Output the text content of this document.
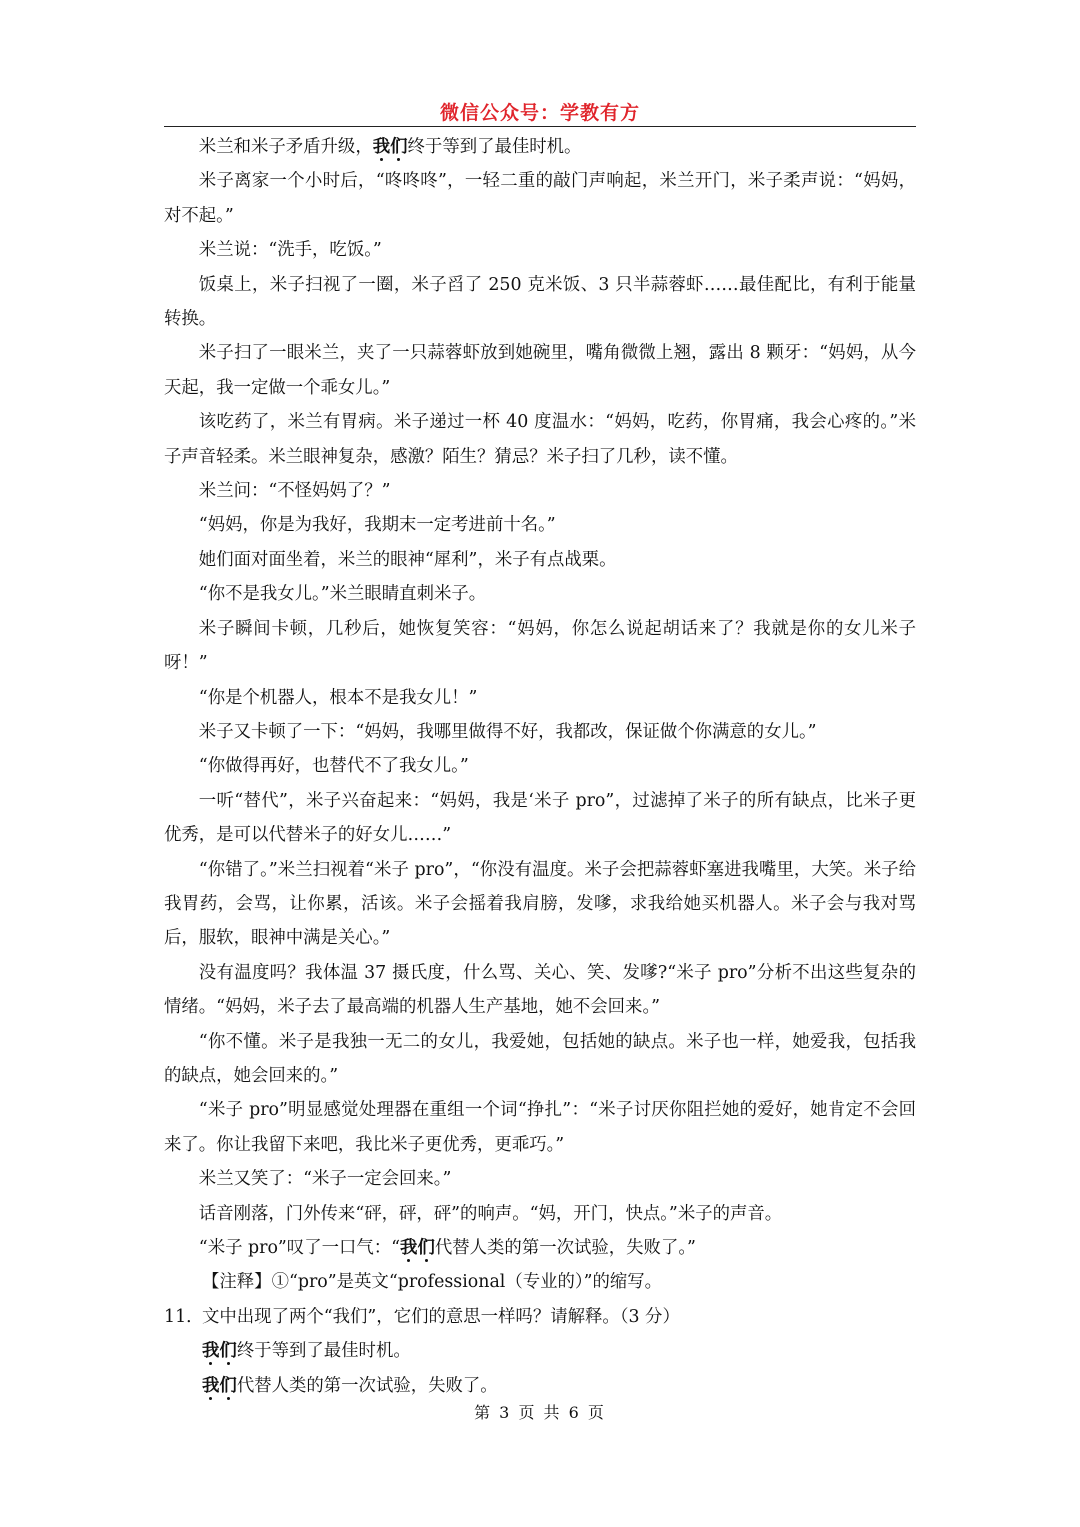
微信公众号：学教有方

米兰和米子矛盾升级，我们终于等到了最佳时机。

米子离家一个小时后，“咚咚咚”，一轻二重的敲门声响起，米兰开门，米子柔声说：“妈妈，对不起。”

米兰说：“洗手，吃饭。”

饭桌上，米子扫视了一圈，米子舀了 250 克米饭、3 只半蒜蓉虾……最佳配比，有利于能量转换。

米子扫了一眼米兰，夹了一只蒜蓉虾放到她碗里，嘴角微微上翘，露出 8 颗牙：“妈妈，从今天起，我一定做一个乖女儿。”

该吃药了，米兰有胃病。米子递过一杯 40 度温水：“妈妈，吃药，你胃痛，我会心疼的。”米子声音轻柔。米兰眼神复杂，感激？陌生？猜忌？米子扫了几秒，读不懂。

米兰问：“不怪妈妈了？”

“妈妈，你是为我好，我期末一定考进前十名。”

她们面对面坐着，米兰的眼神“犀利”，米子有点战栗。

“你不是我女儿。”米兰眼睛直刺米子。

米子瞬间卡顿，几秒后，她恢复笑容：“妈妈，你怎么说起胡话来了？我就是你的女儿米子呀！”

“你是个机器人，根本不是我女儿！”

米子又卡顿了一下：“妈妈，我哪里做得不好，我都改，保证做个你满意的女儿。”

“你做得再好，也替代不了我女儿。”

一听“替代”，米子兴奋起来：“妈妈，我是‘米子 pro”，过滤掉了米子的所有缺点，比米子更优秀，是可以代替米子的好女儿……”

“你错了。”米兰扫视着“米子 pro”，“你没有温度。米子会把蒜蓉虾塞进我嘴里，大笑。米子给我胃药，会骂，让你累，活该。米子会摇着我肩膀，发嗲，求我给她买机器人。米子会与我对骂后，服软，眼神中满是关心。”

没有温度吗？我体温 37 摄氏度，什么骂、关心、笑、发嗲?“米子 pro”分析不出这些复杂的情绪。“妈妈，米子去了最高端的机器人生产基地，她不会回来。”

“你不懂。米子是我独一无二的女儿，我爱她，包括她的缺点。米子也一样，她爱我，包括我的缺点，她会回来的。”

“米子 pro”明显感觉处理器在重组一个词“挣扎”：“米子讨厌你阻拦她的爱好，她肯定不会回来了。你让我留下来吧，我比米子更优秀，更乖巧。”

米兰又笑了：“米子一定会回来。”

话音刚落，门外传来“砰，砰，砰”的响声。“妈，开门，快点。”米子的声音。

“米子 pro”叹了一口气：“我们代替人类的第一次试验，失败了。”

【注释】①“pro”是英文“professional（专业的）”的缩写。

11．文中出现了两个“我们”，它们的意思一样吗？请解释。（3 分）

我们终于等到了最佳时机。

我们代替人类的第一次试验，失败了。

第 3 页 共 6 页
